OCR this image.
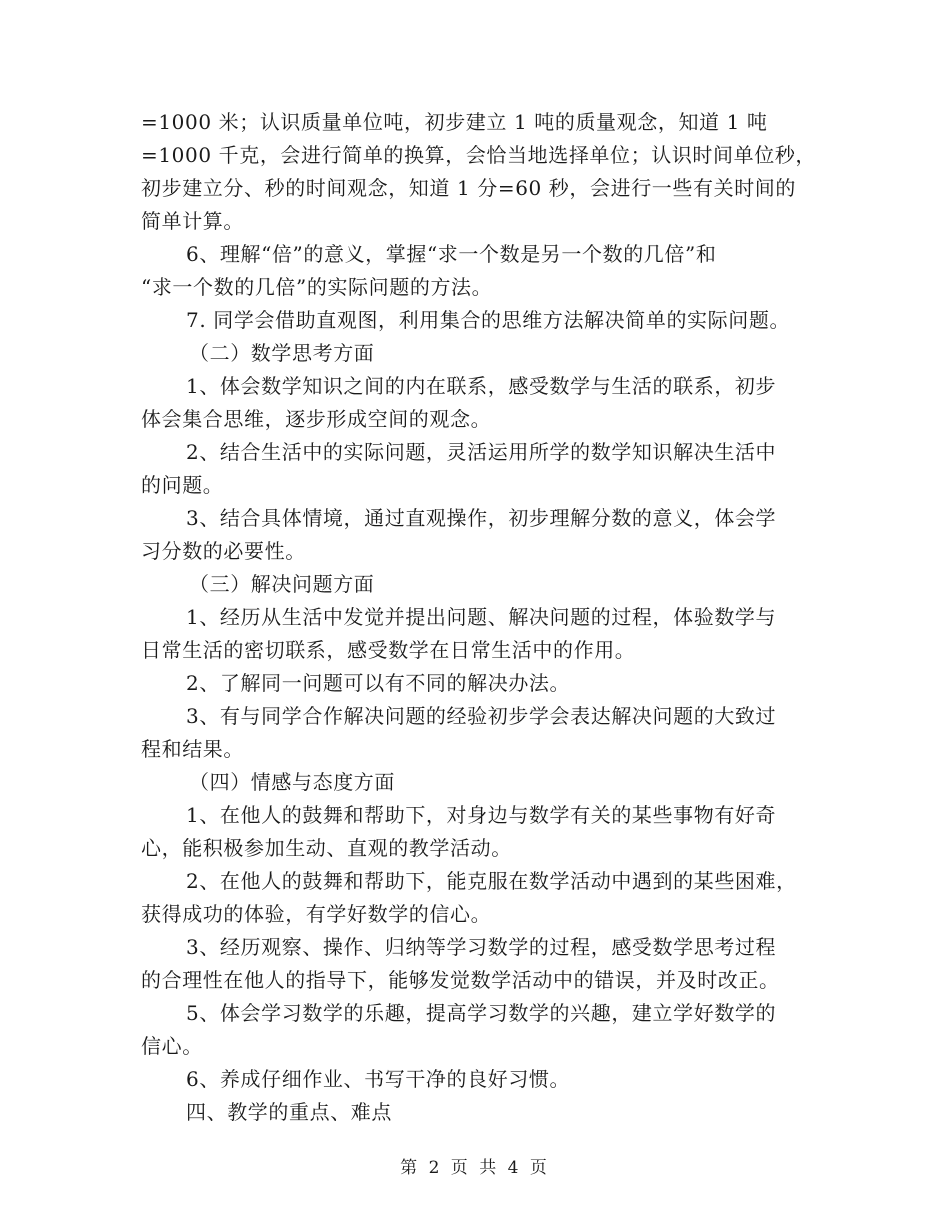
=1000 米；认识质量单位吨，初步建立 1 吨的质量观念，知道 1 吨
=1000 千克，会进行简单的换算，会恰当地选择单位；认识时间单位秒，
初步建立分、秒的时间观念，知道 1 分=60 秒，会进行一些有关时间的
简单计算。
6、理解“倍”的意义，掌握“求一个数是另一个数的几倍”和
“求一个数的几倍”的实际问题的方法。
7. 同学会借助直观图，利用集合的思维方法解决简单的实际问题。
（二）数学思考方面
1、体会数学知识之间的内在联系，感受数学与生活的联系，初步
体会集合思维，逐步形成空间的观念。
2、结合生活中的实际问题，灵活运用所学的数学知识解决生活中
的问题。
3、结合具体情境，通过直观操作，初步理解分数的意义，体会学
习分数的必要性。
（三）解决问题方面
1、经历从生活中发觉并提出问题、解决问题的过程，体验数学与
日常生活的密切联系，感受数学在日常生活中的作用。
2、了解同一问题可以有不同的解决办法。
3、有与同学合作解决问题的经验初步学会表达解决问题的大致过
程和结果。
（四）情感与态度方面
1、在他人的鼓舞和帮助下，对身边与数学有关的某些事物有好奇
心，能积极参加生动、直观的教学活动。
2、在他人的鼓舞和帮助下，能克服在数学活动中遇到的某些困难，
获得成功的体验，有学好数学的信心。
3、经历观察、操作、归纳等学习数学的过程，感受数学思考过程
的合理性在他人的指导下，能够发觉数学活动中的错误，并及时改正。
5、体会学习数学的乐趣，提高学习数学的兴趣，建立学好数学的
信心。
6、养成仔细作业、书写干净的良好习惯。
四、教学的重点、难点
第 2 页 共 4 页
